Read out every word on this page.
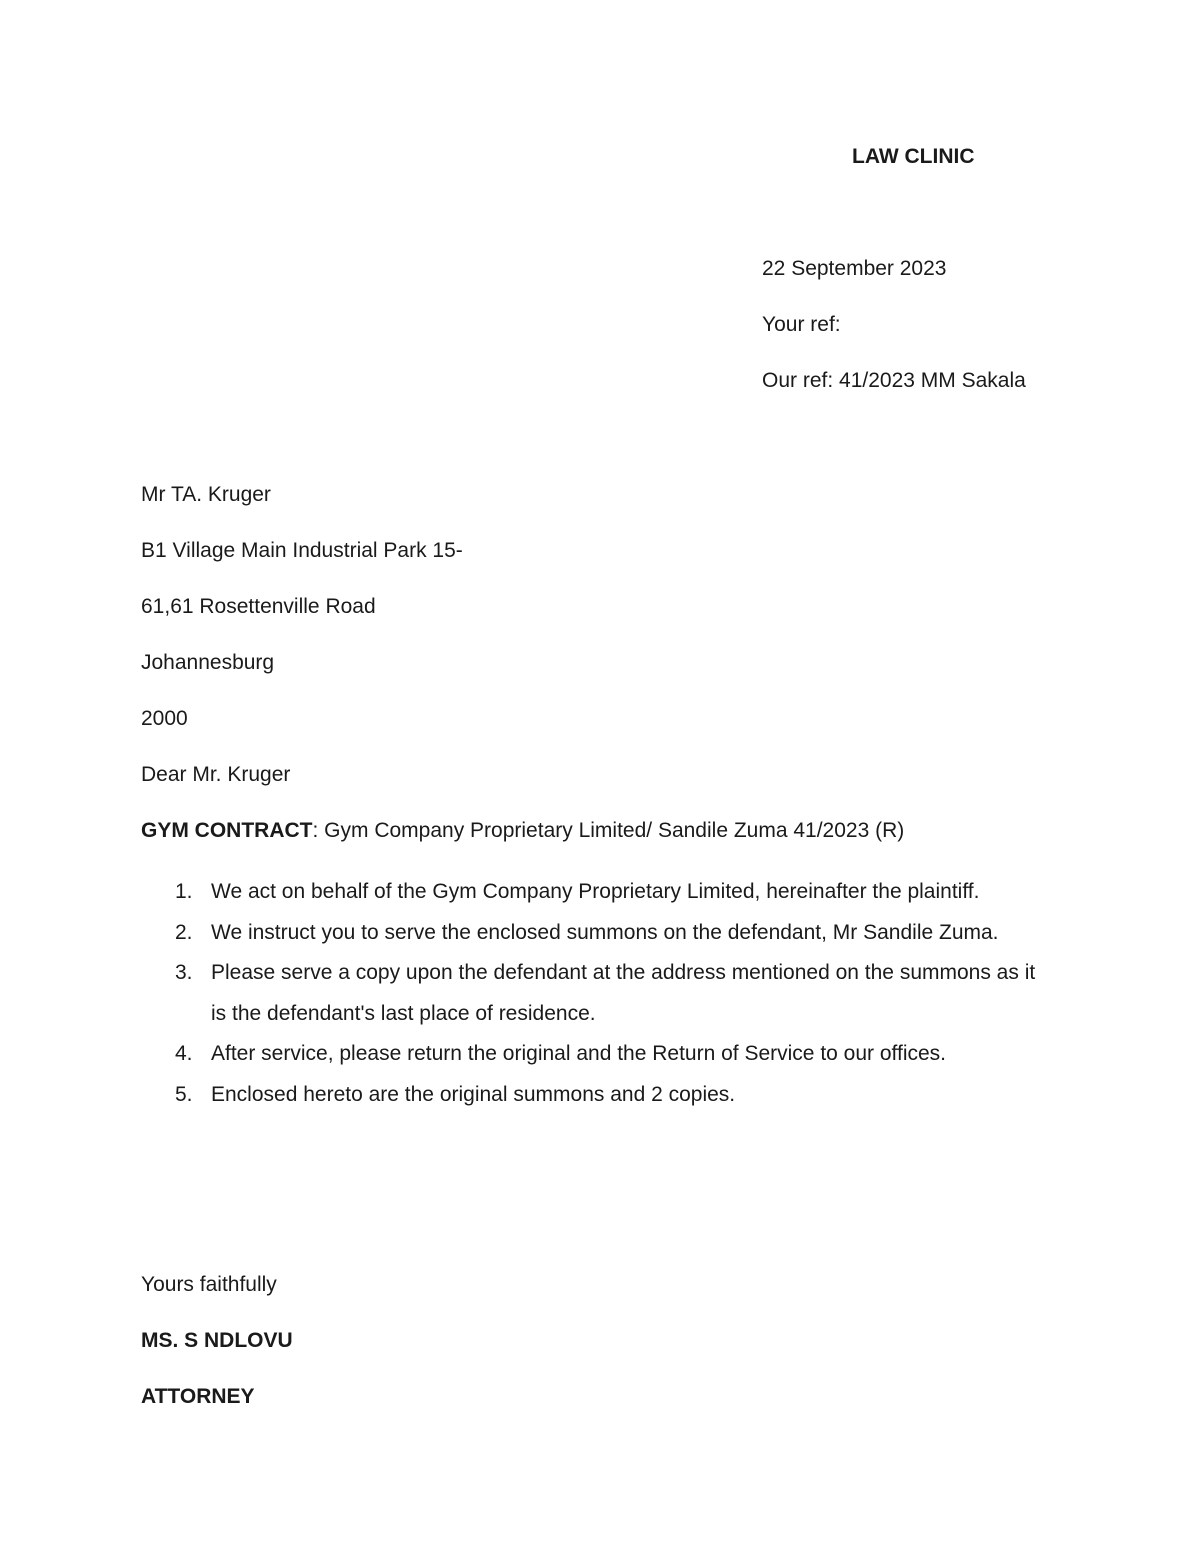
LAW CLINIC
22 September 2023
Your ref:
Our ref: 41/2023 MM Sakala
Mr TA. Kruger
B1 Village Main Industrial Park 15-
61,61 Rosettenville Road
Johannesburg
2000
Dear Mr. Kruger
GYM CONTRACT: Gym Company Proprietary Limited/ Sandile Zuma 41/2023 (R)
1. We act on behalf of the Gym Company Proprietary Limited, hereinafter the plaintiff.
2. We instruct you to serve the enclosed summons on the defendant, Mr Sandile Zuma.
3. Please serve a copy upon the defendant at the address mentioned on the summons as it is the defendant's last place of residence.
4. After service, please return the original and the Return of Service to our offices.
5. Enclosed hereto are the original summons and 2 copies.
Yours faithfully
MS. S NDLOVU
ATTORNEY
